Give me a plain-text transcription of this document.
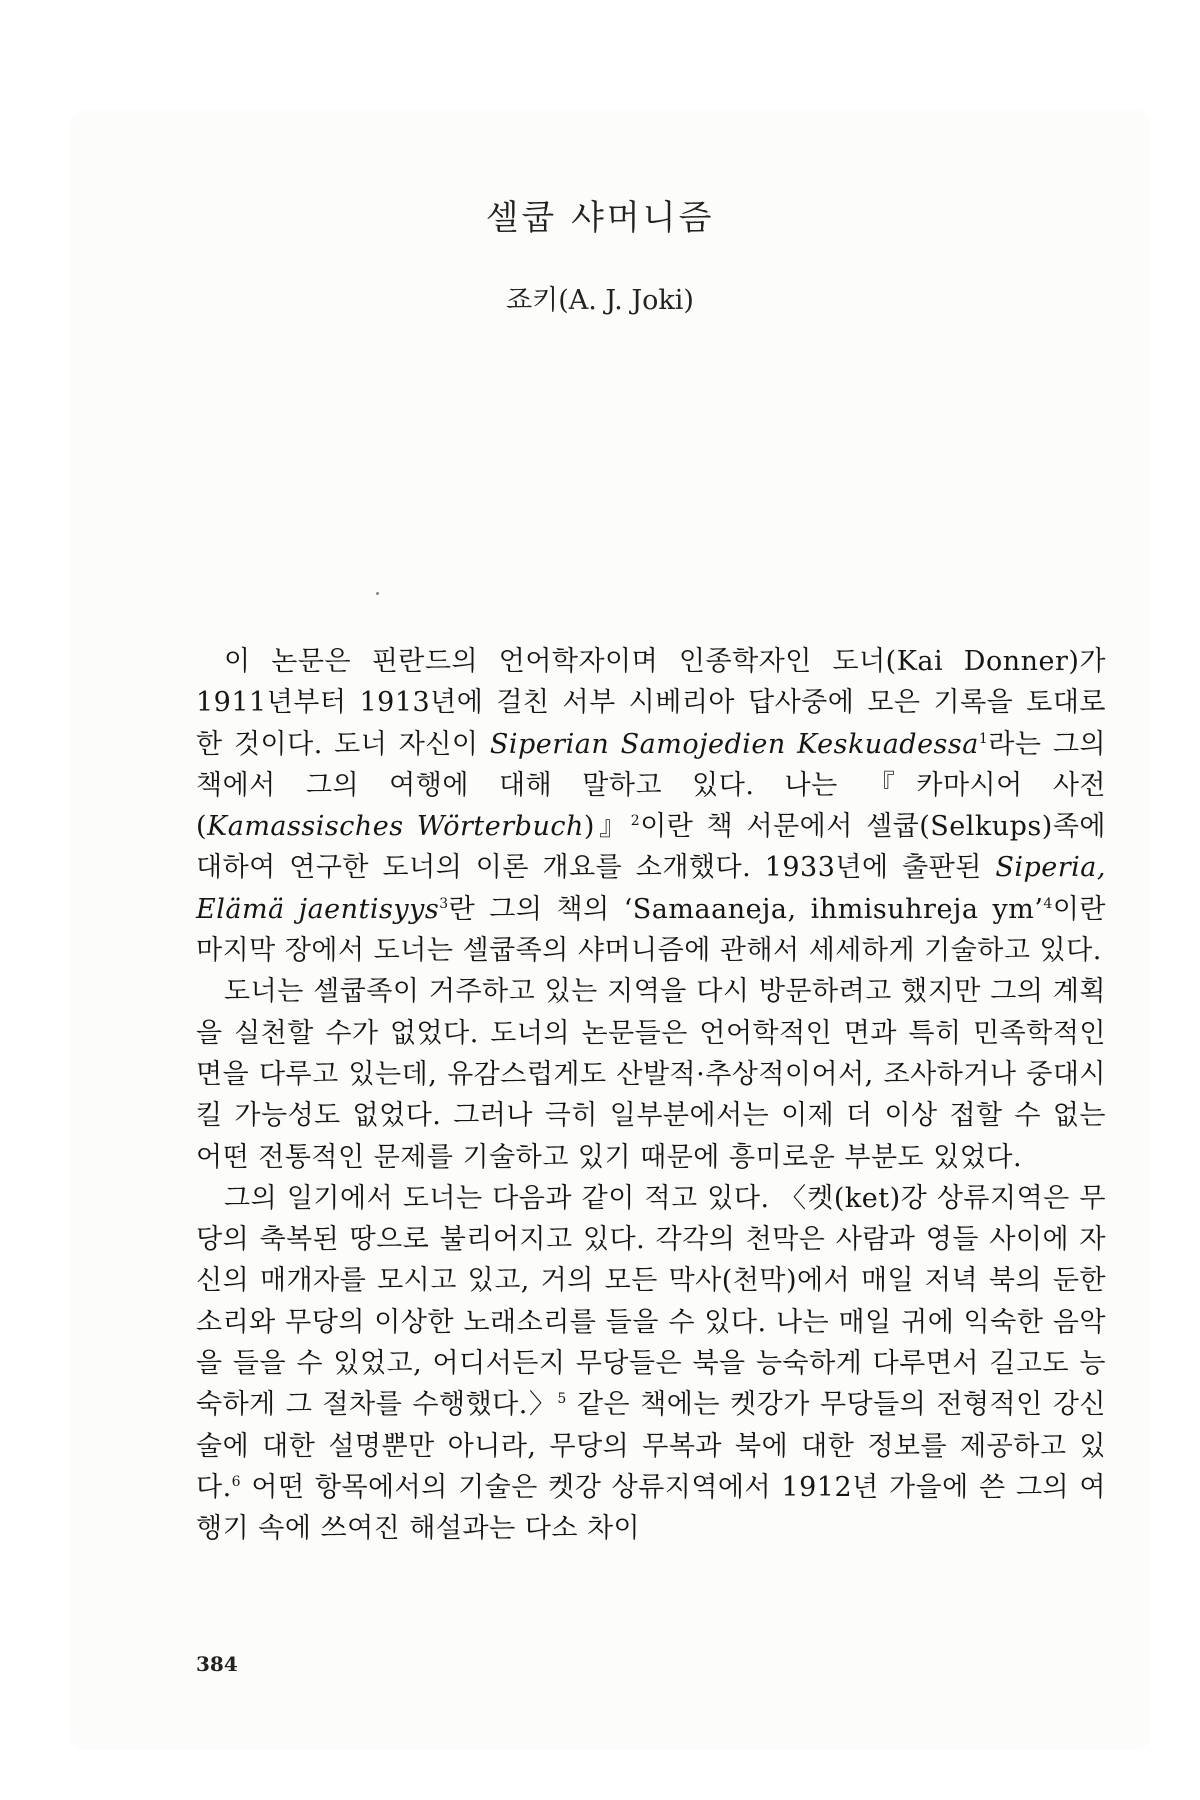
셀쿱 샤머니즘
죠키(A. J. Joki)

이 논문은 핀란드의 언어학자이며 인종학자인 도너(Kai Donner)가 1911년부터 1913년에 걸친 서부 시베리아 답사중에 모은 기록을 토대로 한 것이다. 도너 자신이 Siperian Samojedien Keskuadessa$^1$라는 그의 책에서 그의 여행에 대해 말하고 있다. 나는 『카마시어 사전(Kamassisches Wörterbuch)』$^2$이란 책 서문에서 셀쿱(Selkups)족에 대하여 연구한 도너의 이론 개요를 소개했다. 1933년에 출판된 Siperia, Elämä jaentisyys$^3$란 그의 책의 ‘Samaaneja, ihmisuhreja ym’$^4$이란 마지막 장에서 도너는 셀쿱족의 샤머니즘에 관해서 세세하게 기술하고 있다.

도너는 셀쿱족이 거주하고 있는 지역을 다시 방문하려고 했지만 그의 계획을 실천할 수가 없었다. 도너의 논문들은 언어학적인 면과 특히 민족학적인 면을 다루고 있는데, 유감스럽게도 산발적·추상적이어서, 조사하거나 중대시킬 가능성도 없었다. 그러나 극히 일부분에서는 이제 더 이상 접할 수 없는 어떤 전통적인 문제를 기술하고 있기 때문에 흥미로운 부분도 있었다.

그의 일기에서 도너는 다음과 같이 적고 있다. 〈켓(ket)강 상류지역은 무당의 축복된 땅으로 불리어지고 있다. 각각의 천막은 사람과 영들 사이에 자신의 매개자를 모시고 있고, 거의 모든 막사(천막)에서 매일 저녁 북의 둔한 소리와 무당의 이상한 노래소리를 들을 수 있다. 나는 매일 귀에 익숙한 음악을 들을 수 있었고, 어디서든지 무당들은 북을 능숙하게 다루면서 길고도 능숙하게 그 절차를 수행했다.〉$^5$ 같은 책에는 켓강가 무당들의 전형적인 강신술에 대한 설명뿐만 아니라, 무당의 무복과 북에 대한 정보를 제공하고 있다.$^6$ 어떤 항목에서의 기술은 켓강 상류지역에서 1912년 가을에 쓴 그의 여행기 속에 쓰여진 해설과는 다소 차이

384
